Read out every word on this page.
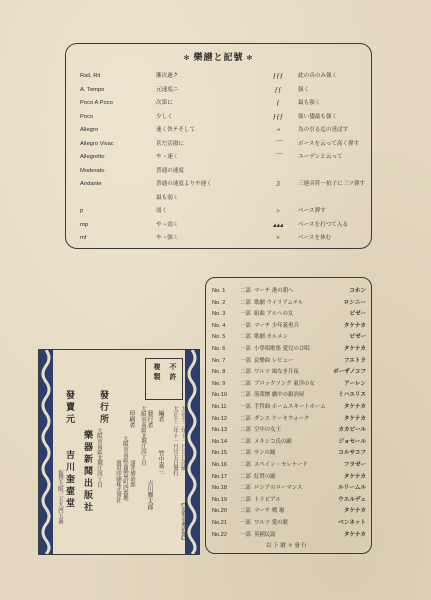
✻ 樂譜と記號 ✻
Rall. Rit	漸次遲ク	ƒƒƒ	此の音のみ强く
A. Tempo	元速度ニ	ƒƒ	强く
Poco A Poco	次第に	ƒ	最も强く
Poco	少しく	ƒƒƒ	强い儘最も强く
Allegro	速く快テそして	𝄐	為の引る迄の延ばす
Allegro Vivac	甚だ活潑に	⌒	ボースを云って高く弾す
Allegretto	やゝ速く	⌒	ユーデンと云って
Moderato	普通の速度
Andante	普通の速度よりや遅く	3	三連音符一拍子に三ツ弾す
最も弱く
p	弱く	>	ベース弾す
mp	やゝ弱く	▴▴▴	ベースを打つて入る
mf	やゝ强く	×	ベースを休む
No. 1	二部 マーチ 港の朝へ	コホン
No. 2	二部 歌劇 ウイリアムテル	ロシニー
No. 3	一部 組曲 アルヘの女	ビゼー
No. 4	一部 マーチ 少年義勇兵	タケナカ
No. 5	二部 歌劇 カルメン	ビゼー
No. 6	一部 小學唱歌集 愛兒の合唱	タケナカ
No. 7	一部 哀樂曲 レビュー	フエトラ
No. 8	二部 ワルツ 風なき月夜	ボーザノコフ
No. 9	二部 ブロックソング 東洋の女	アーレン
No.10	二部 落葉懷 戯中の銀治屋	ミハエリス
No.11	一部 手哲曲 ホームスキートホーム	タケナカ
No.12	二部 ダンス ケーキウォーク	タケナカ
No.13	二部 空中の女王	カカビール
No.14	二部 メキシコ氏の踊	ジョセール
No.15	二部 サンの踊	コルサコフ
No.16	二部 スペイン・セレナード	フラゼー
No.17	二部 紅焚の踊	タケナカ
No.18	二部 ロシアのローマンス	ルリームル
No.19	二部 トリビアル	ウエルデュ
No.20	二部 マーチ 戦 堀	タケナカ
No.21	一部 ワルツ 愛の眠	ベンネット
No.22	一部 英國民謡	タケナカ
以 下 續 々 發 行
不許
複製
大正十二年十一月廿日印刷
大正十二年十一月廿五日發行
【定價金參拾錢】
編者
竹中嘉三
發行者
大阪市南區北堀江四丁目
吉川豐太郎
印刷者
大阪市南區南綿屋町四番地 諸井増治郎
濱田印刷株式會社
發行所
大阪市南區北堀江四丁目
樂器新聞出版社
發賣元
吉川奎壷堂
振替大阪三五九四五番
